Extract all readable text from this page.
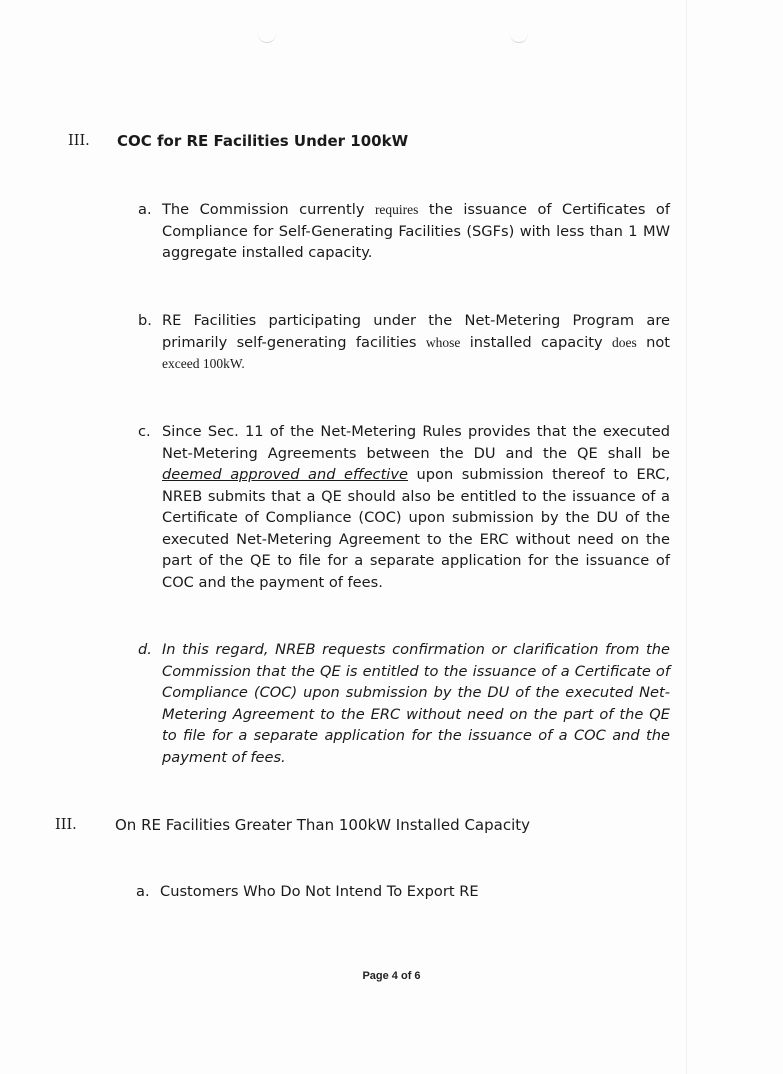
III. COC for RE Facilities Under 100kW
a. The Commission currently requires the issuance of Certificates of Compliance for Self-Generating Facilities (SGFs) with less than 1 MW aggregate installed capacity.
b. RE Facilities participating under the Net-Metering Program are primarily self-generating facilities whose installed capacity does not exceed 100kW.
c. Since Sec. 11 of the Net-Metering Rules provides that the executed Net-Metering Agreements between the DU and the QE shall be deemed approved and effective upon submission thereof to ERC, NREB submits that a QE should also be entitled to the issuance of a Certificate of Compliance (COC) upon submission by the DU of the executed Net-Metering Agreement to the ERC without need on the part of the QE to file for a separate application for the issuance of COC and the payment of fees.
d. In this regard, NREB requests confirmation or clarification from the Commission that the QE is entitled to the issuance of a Certificate of Compliance (COC) upon submission by the DU of the executed Net-Metering Agreement to the ERC without need on the part of the QE to file for a separate application for the issuance of a COC and the payment of fees.
III.	On RE Facilities Greater Than 100kW Installed Capacity
a. Customers Who Do Not Intend To Export RE
Page 4 of 6
